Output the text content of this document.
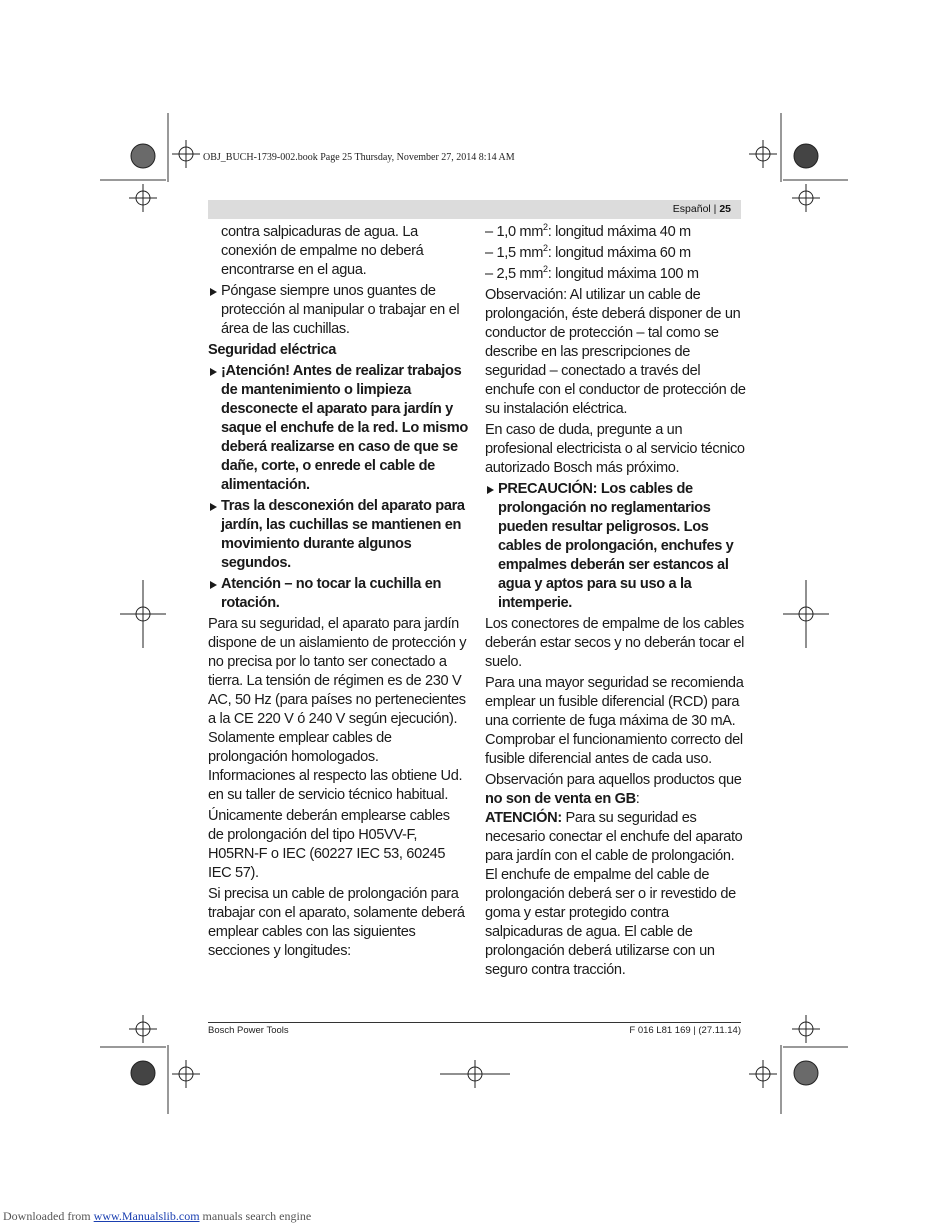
OBJ_BUCH-1739-002.book Page 25 Thursday, November 27, 2014 8:14 AM
Español | 25

contra salpicaduras de agua. La conexión de empalme no deberá encontrarse en el agua.

Póngase siempre unos guantes de protección al manipular o trabajar en el área de las cuchillas.

Seguridad eléctrica

¡Atención! Antes de realizar trabajos de mantenimiento o limpieza desconecte el aparato para jardín y saque el enchufe de la red. Lo mismo deberá realizarse en caso de que se dañe, corte, o enrede el cable de alimentación.

Tras la desconexión del aparato para jardín, las cuchillas se mantienen en movimiento durante algunos segundos.

Atención – no tocar la cuchilla en rotación.

Para su seguridad, el aparato para jardín dispone de un aislamiento de protección y no precisa por lo tanto ser conectado a tierra. La tensión de régimen es de 230 V AC, 50 Hz (para países no pertenecientes a la CE 220 V ó 240 V según ejecución). Solamente emplear cables de prolongación homologados. Informaciones al respecto las obtiene Ud. en su taller de servicio técnico habitual.

Únicamente deberán emplearse cables de prolongación del tipo H05VV-F, H05RN-F o IEC (60227 IEC 53, 60245 IEC 57).

Si precisa un cable de prolongación para trabajar con el aparato, solamente deberá emplear cables con las siguientes secciones y longitudes:

– 1,0 $mm^2$: longitud máxima 40 m
– 1,5 $mm^2$: longitud máxima 60 m
– 2,5 $mm^2$: longitud máxima 100 m

Observación: Al utilizar un cable de prolongación, éste deberá disponer de un conductor de protección – tal como se describe en las prescripciones de seguridad – conectado a través del enchufe con el conductor de protección de su instalación eléctrica.

En caso de duda, pregunte a un profesional electricista o al servicio técnico autorizado Bosch más próximo.

PRECAUCIÓN: Los cables de prolongación no reglamentarios pueden resultar peligrosos. Los cables de prolongación, enchufes y empalmes deberán ser estancos al agua y aptos para su uso a la intemperie.

Los conectores de empalme de los cables deberán estar secos y no deberán tocar el suelo.

Para una mayor seguridad se recomienda emplear un fusible diferencial (RCD) para una corriente de fuga máxima de 30 mA. Comprobar el funcionamiento correcto del fusible diferencial antes de cada uso.

Observación para aquellos productos que no son de venta en GB:

ATENCIÓN: Para su seguridad es necesario conectar el enchufe del aparato para jardín con el cable de prolongación. El enchufe de empalme del cable de prolongación deberá ser o ir revestido de goma y estar protegido contra salpicaduras de agua. El cable de prolongación deberá utilizarse con un seguro contra tracción.

Bosch Power Tools	F 016 L81 169 | (27.11.14)
Downloaded from www.Manualslib.com manuals search engine
